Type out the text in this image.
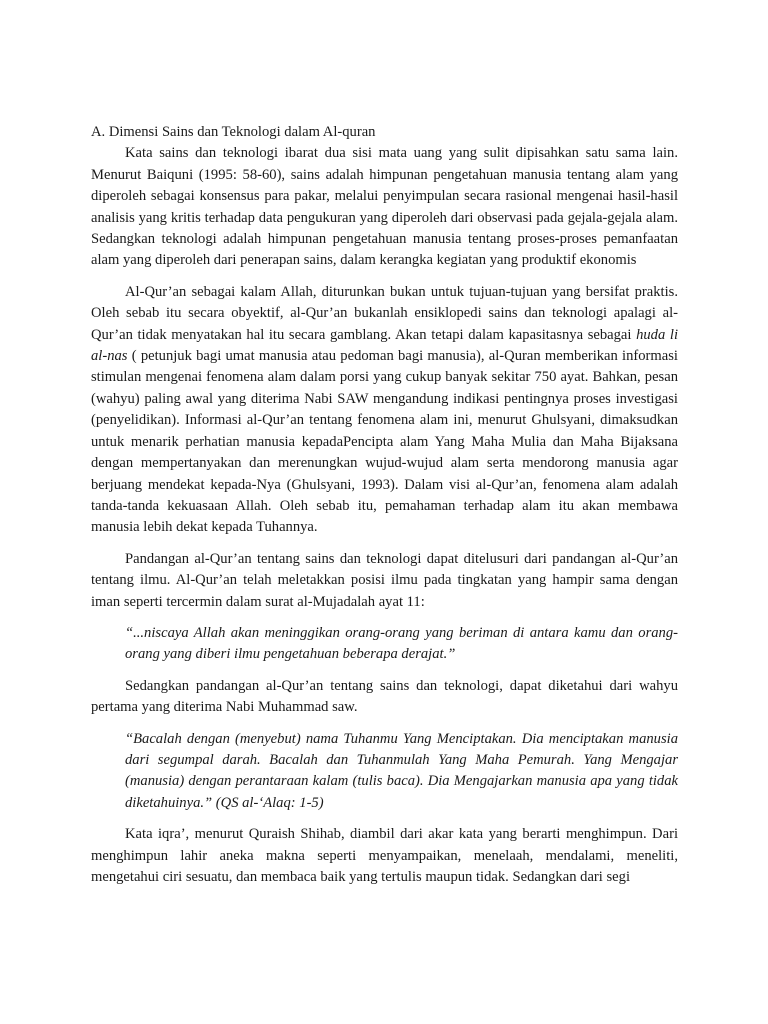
A. Dimensi Sains dan Teknologi dalam Al-quran

Kata sains dan teknologi ibarat dua sisi mata uang yang sulit dipisahkan satu sama lain. Menurut Baiquni (1995: 58-60), sains adalah himpunan pengetahuan manusia tentang alam yang diperoleh sebagai konsensus para pakar, melalui penyimpulan secara rasional mengenai hasil-hasil analisis yang kritis terhadap data pengukuran yang diperoleh dari observasi pada gejala-gejala alam. Sedangkan teknologi adalah himpunan pengetahuan manusia tentang proses-proses pemanfaatan alam yang diperoleh dari penerapan sains, dalam kerangka kegiatan yang produktif ekonomis

Al-Qur’an sebagai kalam Allah, diturunkan bukan untuk tujuan-tujuan yang bersifat praktis. Oleh sebab itu secara obyektif, al-Qur’an bukanlah ensiklopedi sains dan teknologi apalagi al-Qur’an tidak menyatakan hal itu secara gamblang. Akan tetapi dalam kapasitasnya sebagai huda li al-nas ( petunjuk bagi umat manusia atau pedoman bagi manusia), al-Quran memberikan informasi stimulan mengenai fenomena alam dalam porsi yang cukup banyak sekitar 750 ayat. Bahkan, pesan (wahyu) paling awal yang diterima Nabi SAW mengandung indikasi pentingnya proses investigasi (penyelidikan). Informasi al-Qur’an tentang fenomena alam ini, menurut Ghulsyani, dimaksudkan untuk menarik perhatian manusia kepadaPencipta alam Yang Maha Mulia dan Maha Bijaksana dengan mempertanyakan dan merenungkan wujud-wujud alam serta mendorong manusia agar berjuang mendekat kepada-Nya (Ghulsyani, 1993). Dalam visi al-Qur’an, fenomena alam adalah tanda-tanda kekuasaan Allah. Oleh sebab itu, pemahaman terhadap alam itu akan membawa manusia lebih dekat kepada Tuhannya.

Pandangan al-Qur’an tentang sains dan teknologi dapat ditelusuri dari pandangan al-Qur’an tentang ilmu. Al-Qur’an telah meletakkan posisi ilmu pada tingkatan yang hampir sama dengan iman seperti tercermin dalam surat al-Mujadalah ayat 11:

“...niscaya Allah akan meninggikan orang-orang yang beriman di antara kamu dan orang-orang yang diberi ilmu pengetahuan beberapa derajat.”

Sedangkan pandangan al-Qur’an tentang sains dan teknologi, dapat diketahui dari wahyu pertama yang diterima Nabi Muhammad saw.

“Bacalah dengan (menyebut) nama Tuhanmu Yang Menciptakan. Dia menciptakan manusia dari segumpal darah. Bacalah dan Tuhanmulah Yang Maha Pemurah. Yang Mengajar (manusia) dengan perantaraan kalam (tulis baca). Dia Mengajarkan manusia apa yang tidak diketahuinya.” (QS al-‘Alaq: 1-5)

Kata iqra’, menurut Quraish Shihab, diambil dari akar kata yang berarti menghimpun. Dari menghimpun lahir aneka makna seperti menyampaikan, menelaah, mendalami, meneliti, mengetahui ciri sesuatu, dan membaca baik yang tertulis maupun tidak. Sedangkan dari segi
